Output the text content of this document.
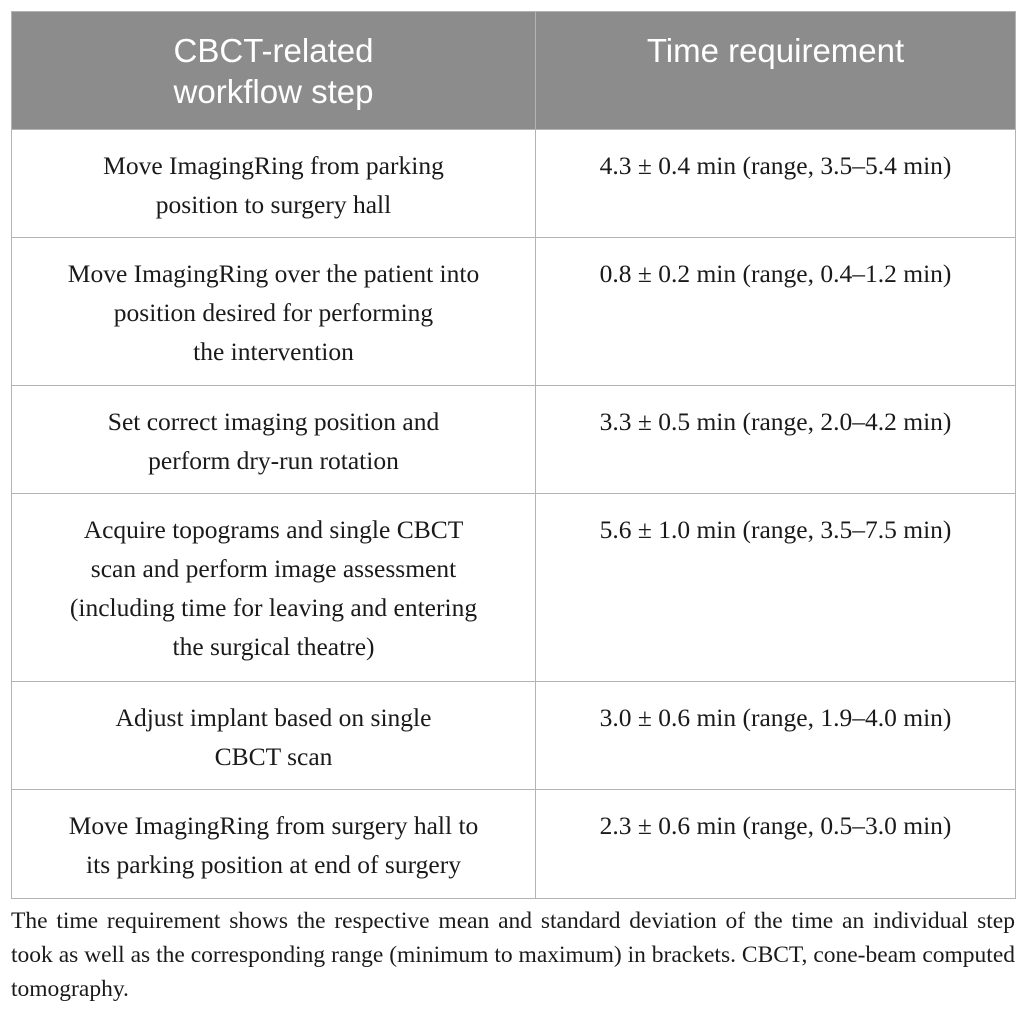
CBCT-related
workflow step	Time requirement
Move ImagingRing from parking
position to surgery hall	4.3 ± 0.4 min (range, 3.5–5.4 min)
Move ImagingRing over the patient into
position desired for performing
the intervention	0.8 ± 0.2 min (range, 0.4–1.2 min)
Set correct imaging position and
perform dry-run rotation	3.3 ± 0.5 min (range, 2.0–4.2 min)
Acquire topograms and single CBCT
scan and perform image assessment
(including time for leaving and entering
the surgical theatre)	5.6 ± 1.0 min (range, 3.5–7.5 min)
Adjust implant based on single
CBCT scan	3.0 ± 0.6 min (range, 1.9–4.0 min)
Move ImagingRing from surgery hall to
its parking position at end of surgery	2.3 ± 0.6 min (range, 0.5–3.0 min)

The time requirement shows the respective mean and standard deviation of the time an individual step took as well as the corresponding range (minimum to maximum) in brackets. CBCT, cone-beam computed tomography.
